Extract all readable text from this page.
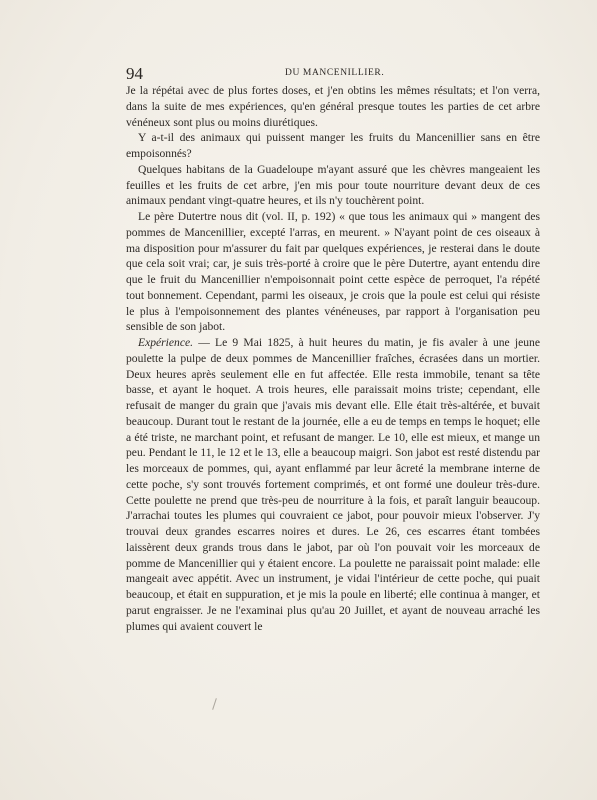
94	DU MANCENILLIER.

Je la répétai avec de plus fortes doses, et j'en obtins les mêmes résultats; et l'on verra, dans la suite de mes expériences, qu'en général presque toutes les parties de cet arbre vénéneux sont plus ou moins diurétiques.

Y a-t-il des animaux qui puissent manger les fruits du Mancenillier sans en être empoisonnés?

Quelques habitans de la Guadeloupe m'ayant assuré que les chèvres mangeaient les feuilles et les fruits de cet arbre, j'en mis pour toute nourriture devant deux de ces animaux pendant vingt-quatre heures, et ils n'y touchèrent point.

Le père Dutertre nous dit (vol. II, p. 192) « que tous les animaux qui » mangent des pommes de Mancenillier, excepté l'arras, en meurent. » N'ayant point de ces oiseaux à ma disposition pour m'assurer du fait par quelques expériences, je resterai dans le doute que cela soit vrai; car, je suis très-porté à croire que le père Dutertre, ayant entendu dire que le fruit du Mancenillier n'empoisonnait point cette espèce de perroquet, l'a répété tout bonnement. Cependant, parmi les oiseaux, je crois que la poule est celui qui résiste le plus à l'empoisonnement des plantes vénéneuses, par rapport à l'organisation peu sensible de son jabot.

Expérience. — Le 9 Mai 1825, à huit heures du matin, je fis avaler à une jeune poulette la pulpe de deux pommes de Mancenillier fraîches, écrasées dans un mortier. Deux heures après seulement elle en fut affectée. Elle resta immobile, tenant sa tête basse, et ayant le hoquet. A trois heures, elle paraissait moins triste; cependant, elle refusait de manger du grain que j'avais mis devant elle. Elle était très-altérée, et buvait beaucoup. Durant tout le restant de la journée, elle a eu de temps en temps le hoquet; elle a été triste, ne marchant point, et refusant de manger. Le 10, elle est mieux, et mange un peu. Pendant le 11, le 12 et le 13, elle a beaucoup maigri. Son jabot est resté distendu par les morceaux de pommes, qui, ayant enflammé par leur âcreté la membrane interne de cette poche, s'y sont trouvés fortement comprimés, et ont formé une douleur très-dure. Cette poulette ne prend que très-peu de nourriture à la fois, et paraît languir beaucoup. J'arrachai toutes les plumes qui couvraient ce jabot, pour pouvoir mieux l'observer. J'y trouvai deux grandes escarres noires et dures. Le 26, ces escarres étant tombées laissèrent deux grands trous dans le jabot, par où l'on pouvait voir les morceaux de pomme de Mancenillier qui y étaient encore. La poulette ne paraissait point malade: elle mangeait avec appétit. Avec un instrument, je vidai l'intérieur de cette poche, qui puait beaucoup, et était en suppuration, et je mis la poule en liberté; elle continua à manger, et parut engraisser. Je ne l'examinai plus qu'au 20 Juillet, et ayant de nouveau arraché les plumes qui avaient couvert le
